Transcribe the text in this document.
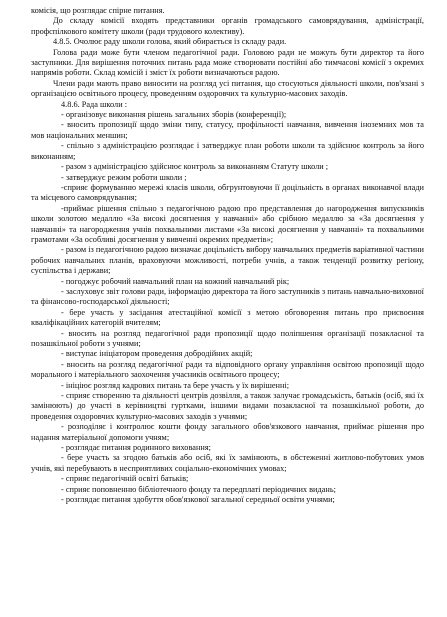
комісія, що розглядає спірне питання.

До складу комісії входять представники органів громадського самоврядування, адміністрації, профспілкового комітету школи (ради трудового колективу).

4.8.5. Очолює раду школи голова, який обирається із складу ради.

Голова ради може бути членом педагогічної ради. Головою ради не можуть бути директор та його заступники. Для вирішення поточних питань рада може створювати постійні або тимчасові комісії з окремих напрямів роботи. Склад комісій і зміст їх роботи визначаються радою.

Члени ради мають право виносити на розгляд усі питання, що стосуються діяльності школи, пов'язані з організацією освітнього процесу, проведенням оздоровчих та культурно-масових заходів.

4.8.6. Рада школи :

- організовує виконання рішень загальних зборів (конференції);

- вносить пропозиції щодо зміни типу, статусу, профільності навчання, вивчення іноземних мов та мов національних меншин;

- спільно з адміністрацією розглядає і затверджує план роботи школи та здійснює контроль за його виконанням;

- разом з адміністрацією здійснює контроль за виконанням Статуту школи ;

- затверджує режим роботи школи ;

-сприяє формуванню мережі класів школи, обгрунтовуючи її доцільність в органах виконавчої влади та місцевого самоврядування;

-приймає рішення спільно з педагогічною радою про представлення до нагородження випускників школи золотою медаллю «За високі досягнення у навчанні» або срібною медаллю за «За досягнення у навчанні» та нагородження учнів похвальними листами «За високі досягнення у навчанні» та похвальними грамотами «За особливі досягнення у вивченні окремих предметів»;

- разом із педагогічною радою визначає доцільність вибору навчальних предметів варіативної частини робочих навчальних планів, враховуючи можливості, потреби учнів, а також тенденції розвитку регіону, суспільства і держави;

- погоджує робочий навчальний план на кожний навчальний рік;

- заслуховує звіт голови ради, інформацію директора та його заступників з питань навчально-виховної та фінансово-господарської діяльності;

- бере участь у засідання атестаційної комісії з метою обговорення питань про присвоєння кваліфікаційних категорій вчителям;

- вносить на розгляд педагогічної ради пропозиції щодо поліпшення організації позакласної та позашкільної роботи з учнями;

- виступає ініціатором проведення добродійних акцій;

- вносить на розгляд педагогічної ради та відповідного органу управління освітою пропозиції щодо морального і матеріального заохочення учасників освітнього процесу;

- ініціює розгляд кадрових питань та бере участь у їх вирішенні;

- сприяє створенню та діяльності центрів дозвілля, а також залучає громадськість, батьків (осіб, які їх замінюють) до участі в керівництві гуртками, іншими видами позакласної та позашкільної роботи, до проведення оздоровчих культурно-масових заходів з учнями;

- розподіляє і контролює кошти фонду загального обов'язкового навчання, приймає рішення про надання матеріальної допомоги учням;

- розглядає питання родинного виховання;

- бере участь за згодою батьків або осіб, які їх замінюють, в обстеженні житлово-побутових умов учнів, які перебувають в несприятливих соціально-економічних умовах;

- сприяє педагогічній освіті батьків;

- сприяє поповненню бібліотечного фонду та передплаті періодичних видань;

- розглядає питання здобуття обов'язкової загальної середньої освіти учнями;
